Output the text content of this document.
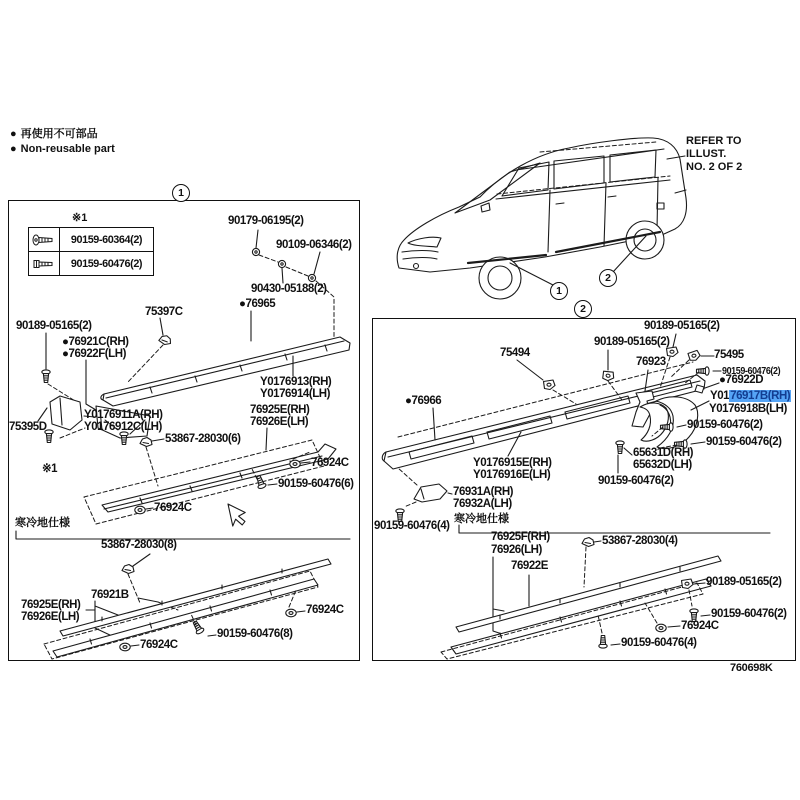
● 再使用不可部品
● Non-reusable part
REFER TO
ILLUST.
NO. 2 OF 2
1
1
2
2
※1
90159-60364(2)
90159-60476(2)
90179-06195(2)
90109-06346(2)
90430-05188(2)
●76965
75397C
90189-05165(2)
●76921C(RH)
●76922F(LH)
75395D
Y0176911A(RH)
Y0176912C(LH)
Y0176913(RH)
Y0176914(LH)
76925E(RH)
76926E(LH)
53867-28030(6)
76924C
90159-60476(6)
76924C
※1
寒冷地仕様
53867-28030(8)
76921B
76925E(RH)
76926E(LH)
76924C
90159-60476(8)
76924C
90189-05165(2)
90189-05165(2)
76923
75495
90159-60476(2)
●76922D
Y0176917B(RH)
Y0176918B(LH)
90159-60476(2)
90159-60476(2)
65631D(RH)
65632D(LH)
90159-60476(2)
75494
●76966
Y0176915E(RH)
Y0176916E(LH)
76931A(RH)
76932A(LH)
90159-60476(4)
寒冷地仕様
76925F(RH)
76926(LH)
76922E
53867-28030(4)
90189-05165(2)
90159-60476(2)
76924C
90159-60476(4)
760698K
